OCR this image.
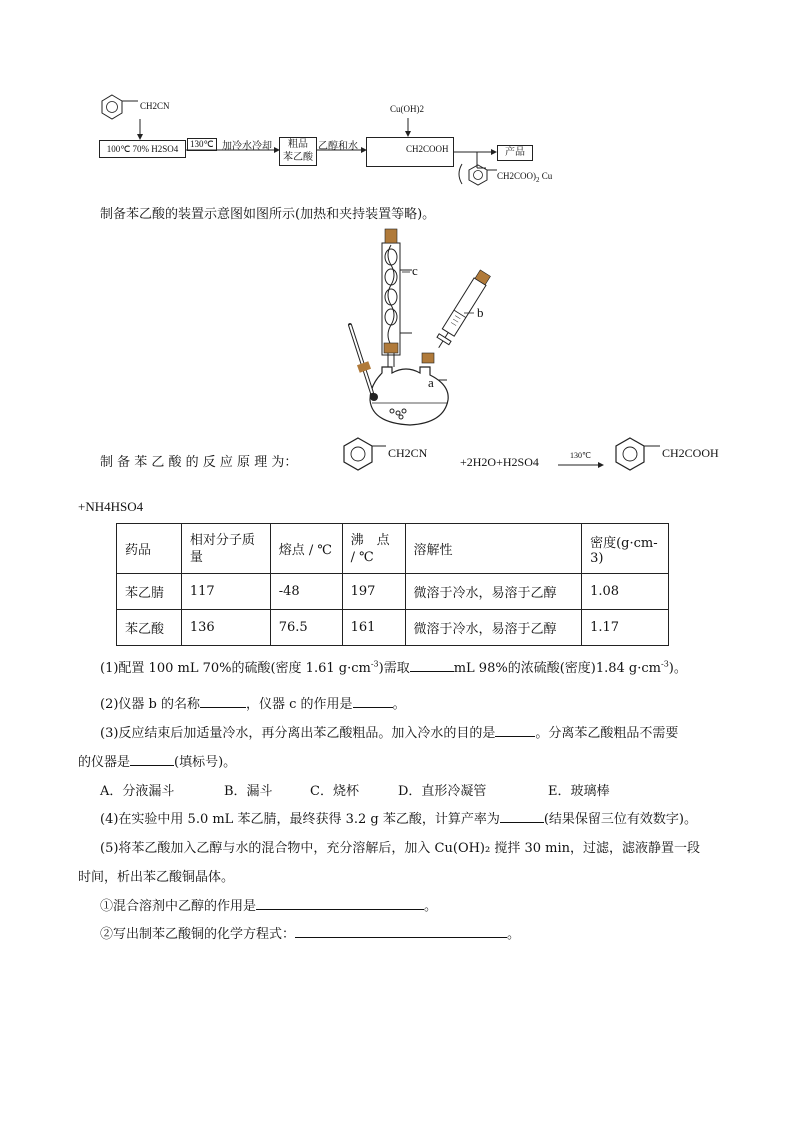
CH2CN
100℃ 70% H2SO4	130℃ 加冷水冷却	粗品
苯乙酸
乙醇和水
Cu(OH)2
CH2COOH	产品
$CH2COO)_2$ Cu
制备苯乙酸的装置示意图如图所示(加热和夹持装置等略)。
c
b
a
制 备 苯 乙 酸 的 反 应 原 理 为：
CH2CN
+2H2O+H2SO4	130℃	CH2COOH
+NH4HSO4
药品	相对分子质量	熔点 / ℃	沸　点 / ℃	溶解性	密度(g·cm-3)
苯乙腈	117	-48	197	微溶于冷水，易溶于乙醇	1.08
苯乙酸	136	76.5	161	微溶于冷水，易溶于乙醇	1.17
(1)配置 100 mL 70%的硫酸(密度 1.61 $g\cdot cm^{-3}$)需取	mL 98%的浓硫酸(密度)1.84 $g\cdot cm^{-3}$)。
(2)仪器 b 的名称	，仪器 c 的作用是	。
(3)反应结束后加适量冷水，再分离出苯乙酸粗品。加入冷水的目的是	。分离苯乙酸粗品不需要
的仪器是	(填标号)。
A．分液漏斗	B．漏斗	C．烧杯	D．直形冷凝管	E．玻璃棒
(4)在实验中用 5.0 mL 苯乙腈，最终获得 3.2 g 苯乙酸，计算产率为	(结果保留三位有效数字)。
(5)将苯乙酸加入乙醇与水的混合物中，充分溶解后，加入 Cu(OH)₂ 搅拌 30 min，过滤，滤液静置一段
时间，析出苯乙酸铜晶体。
①混合溶剂中乙醇的作用是	。
②写出制苯乙酸铜的化学方程式：	。
